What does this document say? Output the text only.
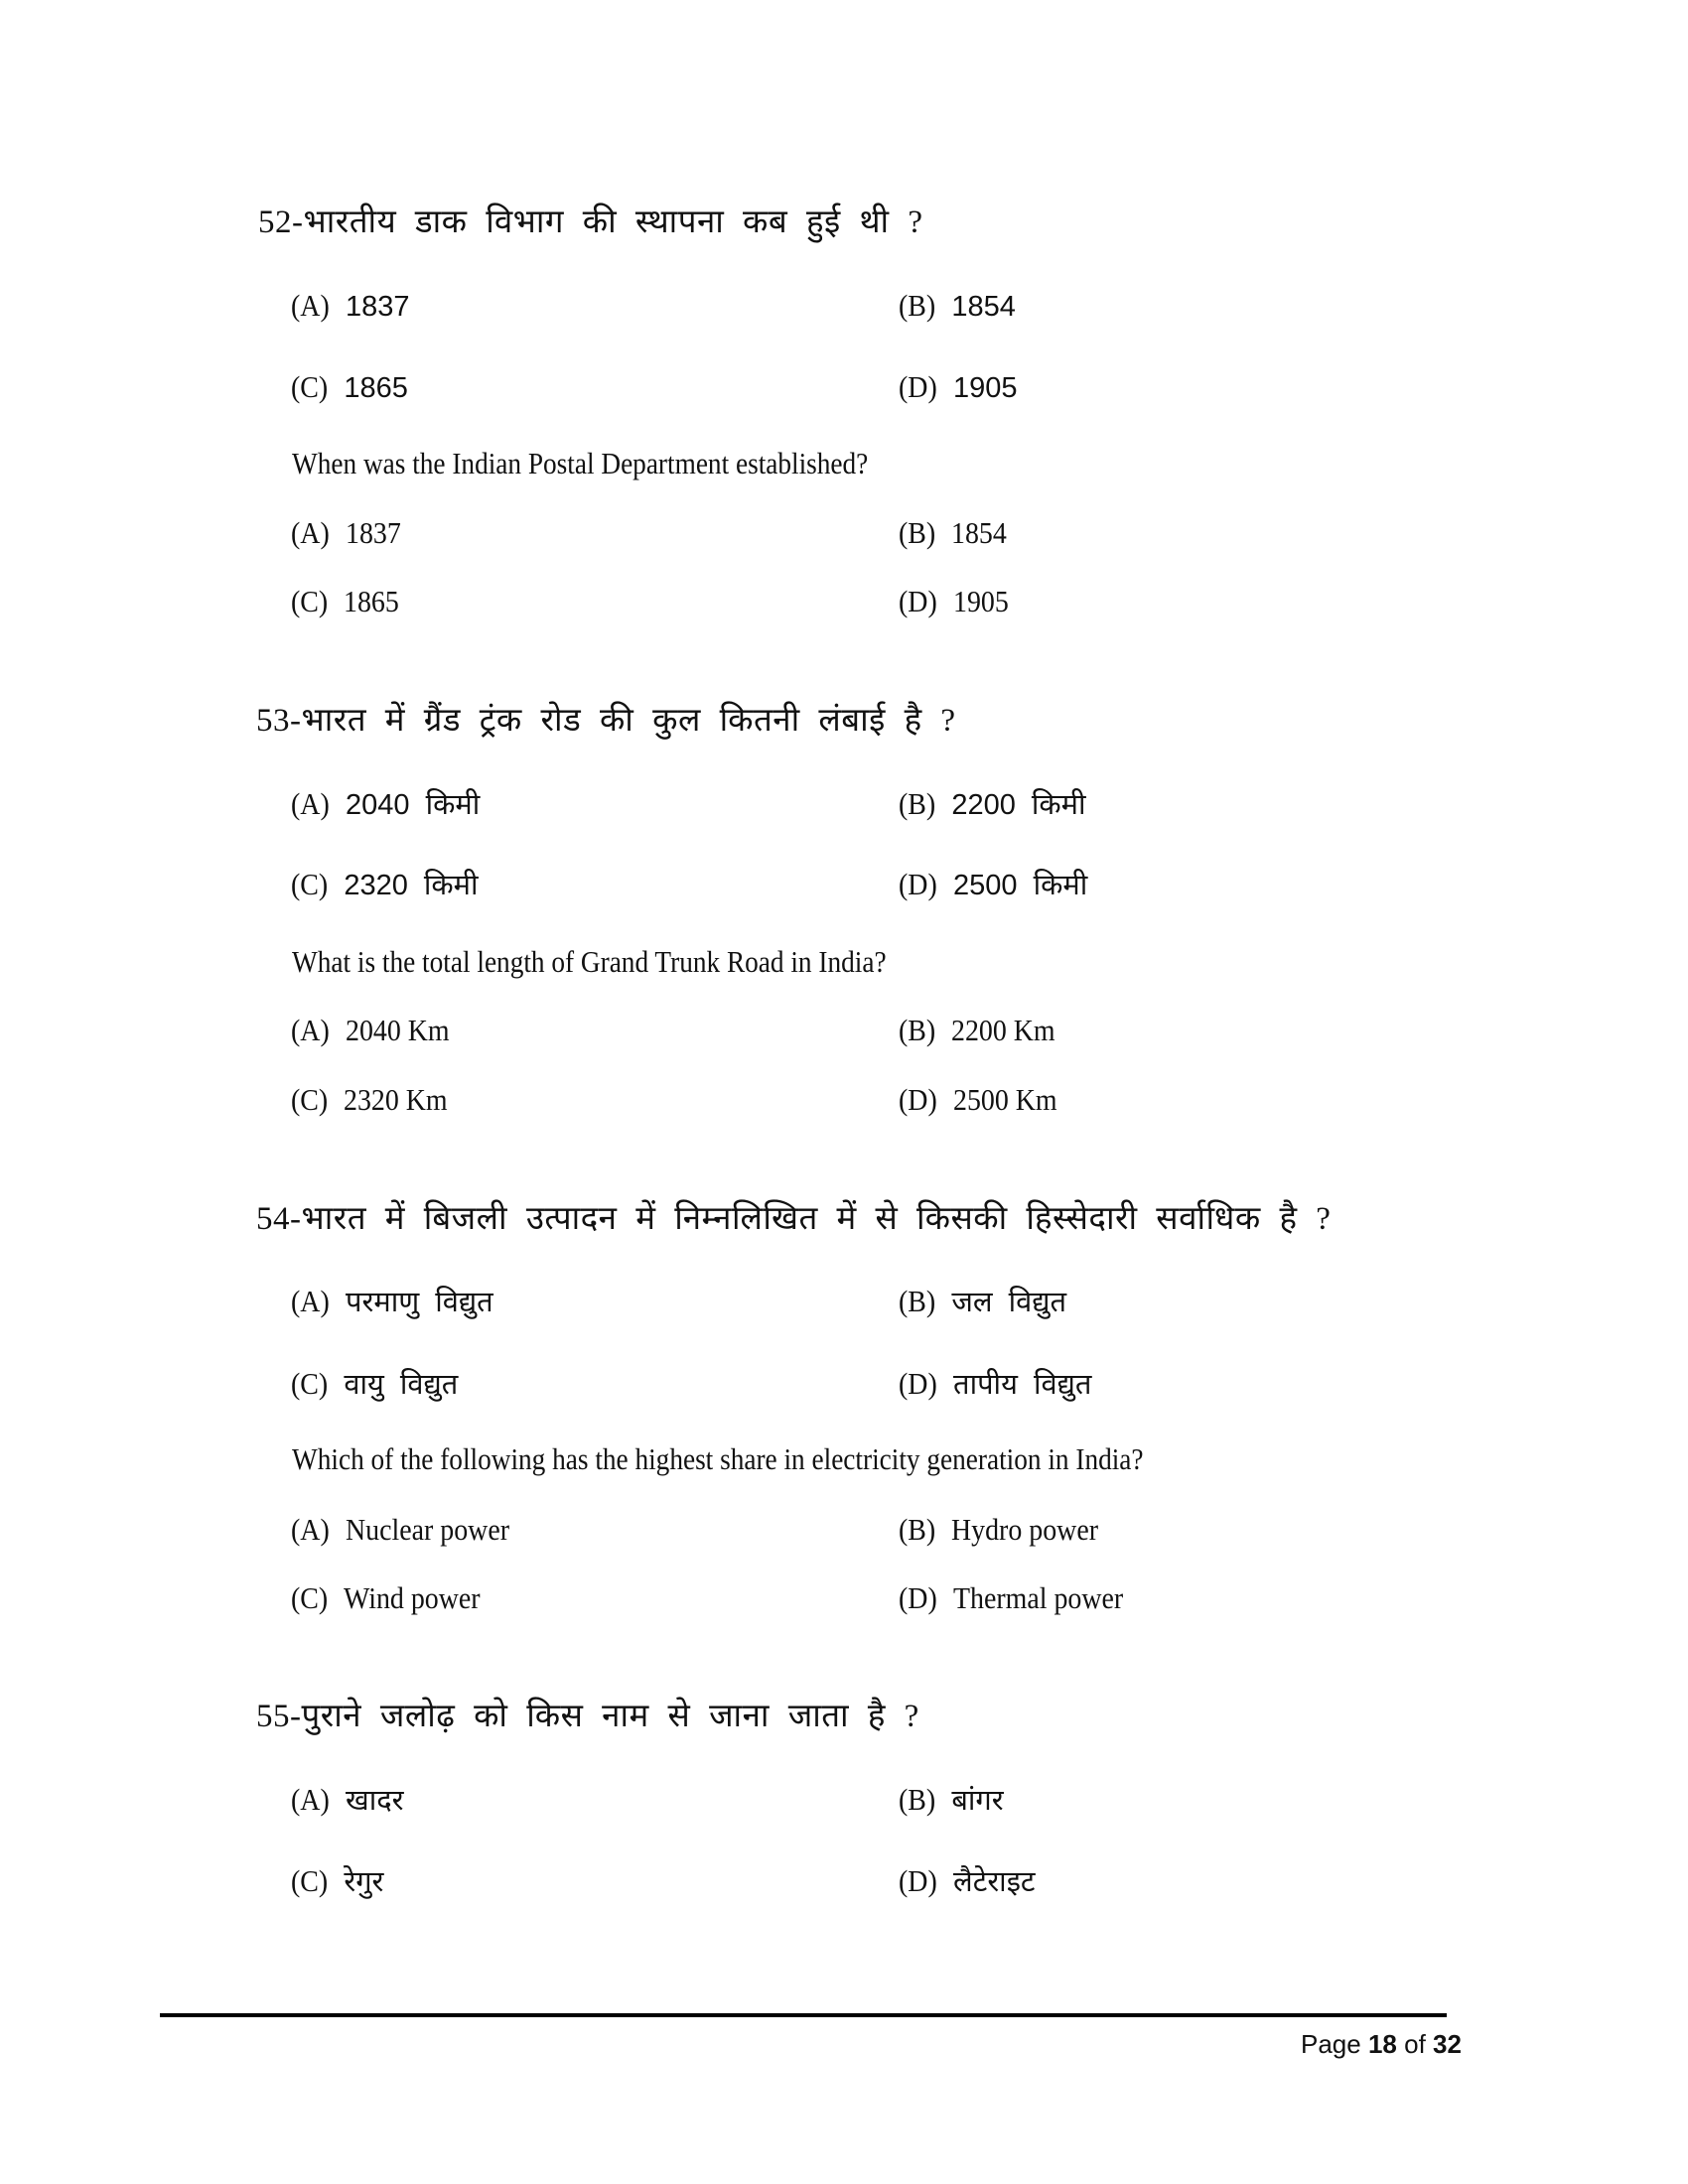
52-भारतीय डाक विभाग की स्थापना कब हुई थी ?
(A) 1837	(B) 1854
(C) 1865	(D) 1905
When was the Indian Postal Department established?
(A) 1837	(B) 1854
(C) 1865	(D) 1905
53-भारत में ग्रैंड ट्रंक रोड की कुल कितनी लंबाई है ?
(A) 2040 किमी	(B) 2200 किमी
(C) 2320 किमी	(D) 2500 किमी
What is the total length of Grand Trunk Road in India?
(A) 2040 Km	(B) 2200 Km
(C) 2320 Km	(D) 2500 Km
54-भारत में बिजली उत्पादन में निम्नलिखित में से किसकी हिस्सेदारी सर्वाधिक है ?
(A) परमाणु विद्युत	(B) जल विद्युत
(C) वायु विद्युत	(D) तापीय विद्युत
Which of the following has the highest share in electricity generation in India?
(A) Nuclear power	(B) Hydro power
(C) Wind power	(D) Thermal power
55-पुराने जलोढ़ को किस नाम से जाना जाता है ?
(A) खादर	(B) बांगर
(C) रेगुर	(D) लैटेराइट
Page 18 of 32
